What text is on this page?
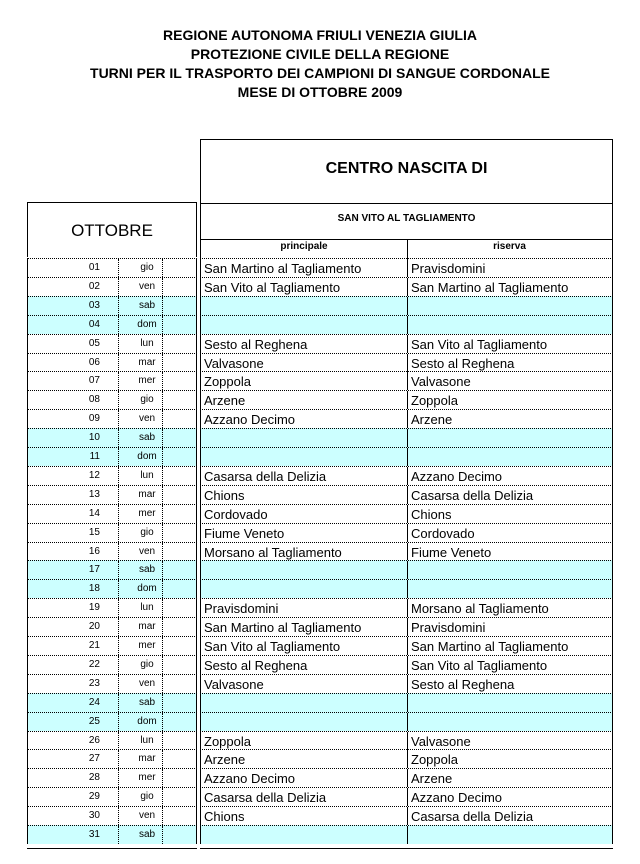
REGIONE AUTONOMA FRIULI VENEZIA GIULIA
PROTEZIONE CIVILE DELLA REGIONE
TURNI PER IL TRASPORTO DEI CAMPIONI DI SANGUE CORDONALE
MESE DI OTTOBRE 2009
OTTOBRE
CENTRO NASCITA DI
SAN VITO AL TAGLIAMENTO
principale	riserva
01	gio	San Martino al Tagliamento	Pravisdomini
02	ven	San Vito al Tagliamento	San Martino al Tagliamento
03	sab
04	dom
05	lun	Sesto al Reghena	San Vito al Tagliamento
06	mar	Valvasone	Sesto al Reghena
07	mer	Zoppola	Valvasone
08	gio	Arzene	Zoppola
09	ven	Azzano Decimo	Arzene
10	sab
11	dom
12	lun	Casarsa della Delizia	Azzano Decimo
13	mar	Chions	Casarsa della Delizia
14	mer	Cordovado	Chions
15	gio	Fiume Veneto	Cordovado
16	ven	Morsano al Tagliamento	Fiume Veneto
17	sab
18	dom
19	lun	Pravisdomini	Morsano al Tagliamento
20	mar	San Martino al Tagliamento	Pravisdomini
21	mer	San Vito al Tagliamento	San Martino al Tagliamento
22	gio	Sesto al Reghena	San Vito al Tagliamento
23	ven	Valvasone	Sesto al Reghena
24	sab
25	dom
26	lun	Zoppola	Valvasone
27	mar	Arzene	Zoppola
28	mer	Azzano Decimo	Arzene
29	gio	Casarsa della Delizia	Azzano Decimo
30	ven	Chions	Casarsa della Delizia
31	sab
